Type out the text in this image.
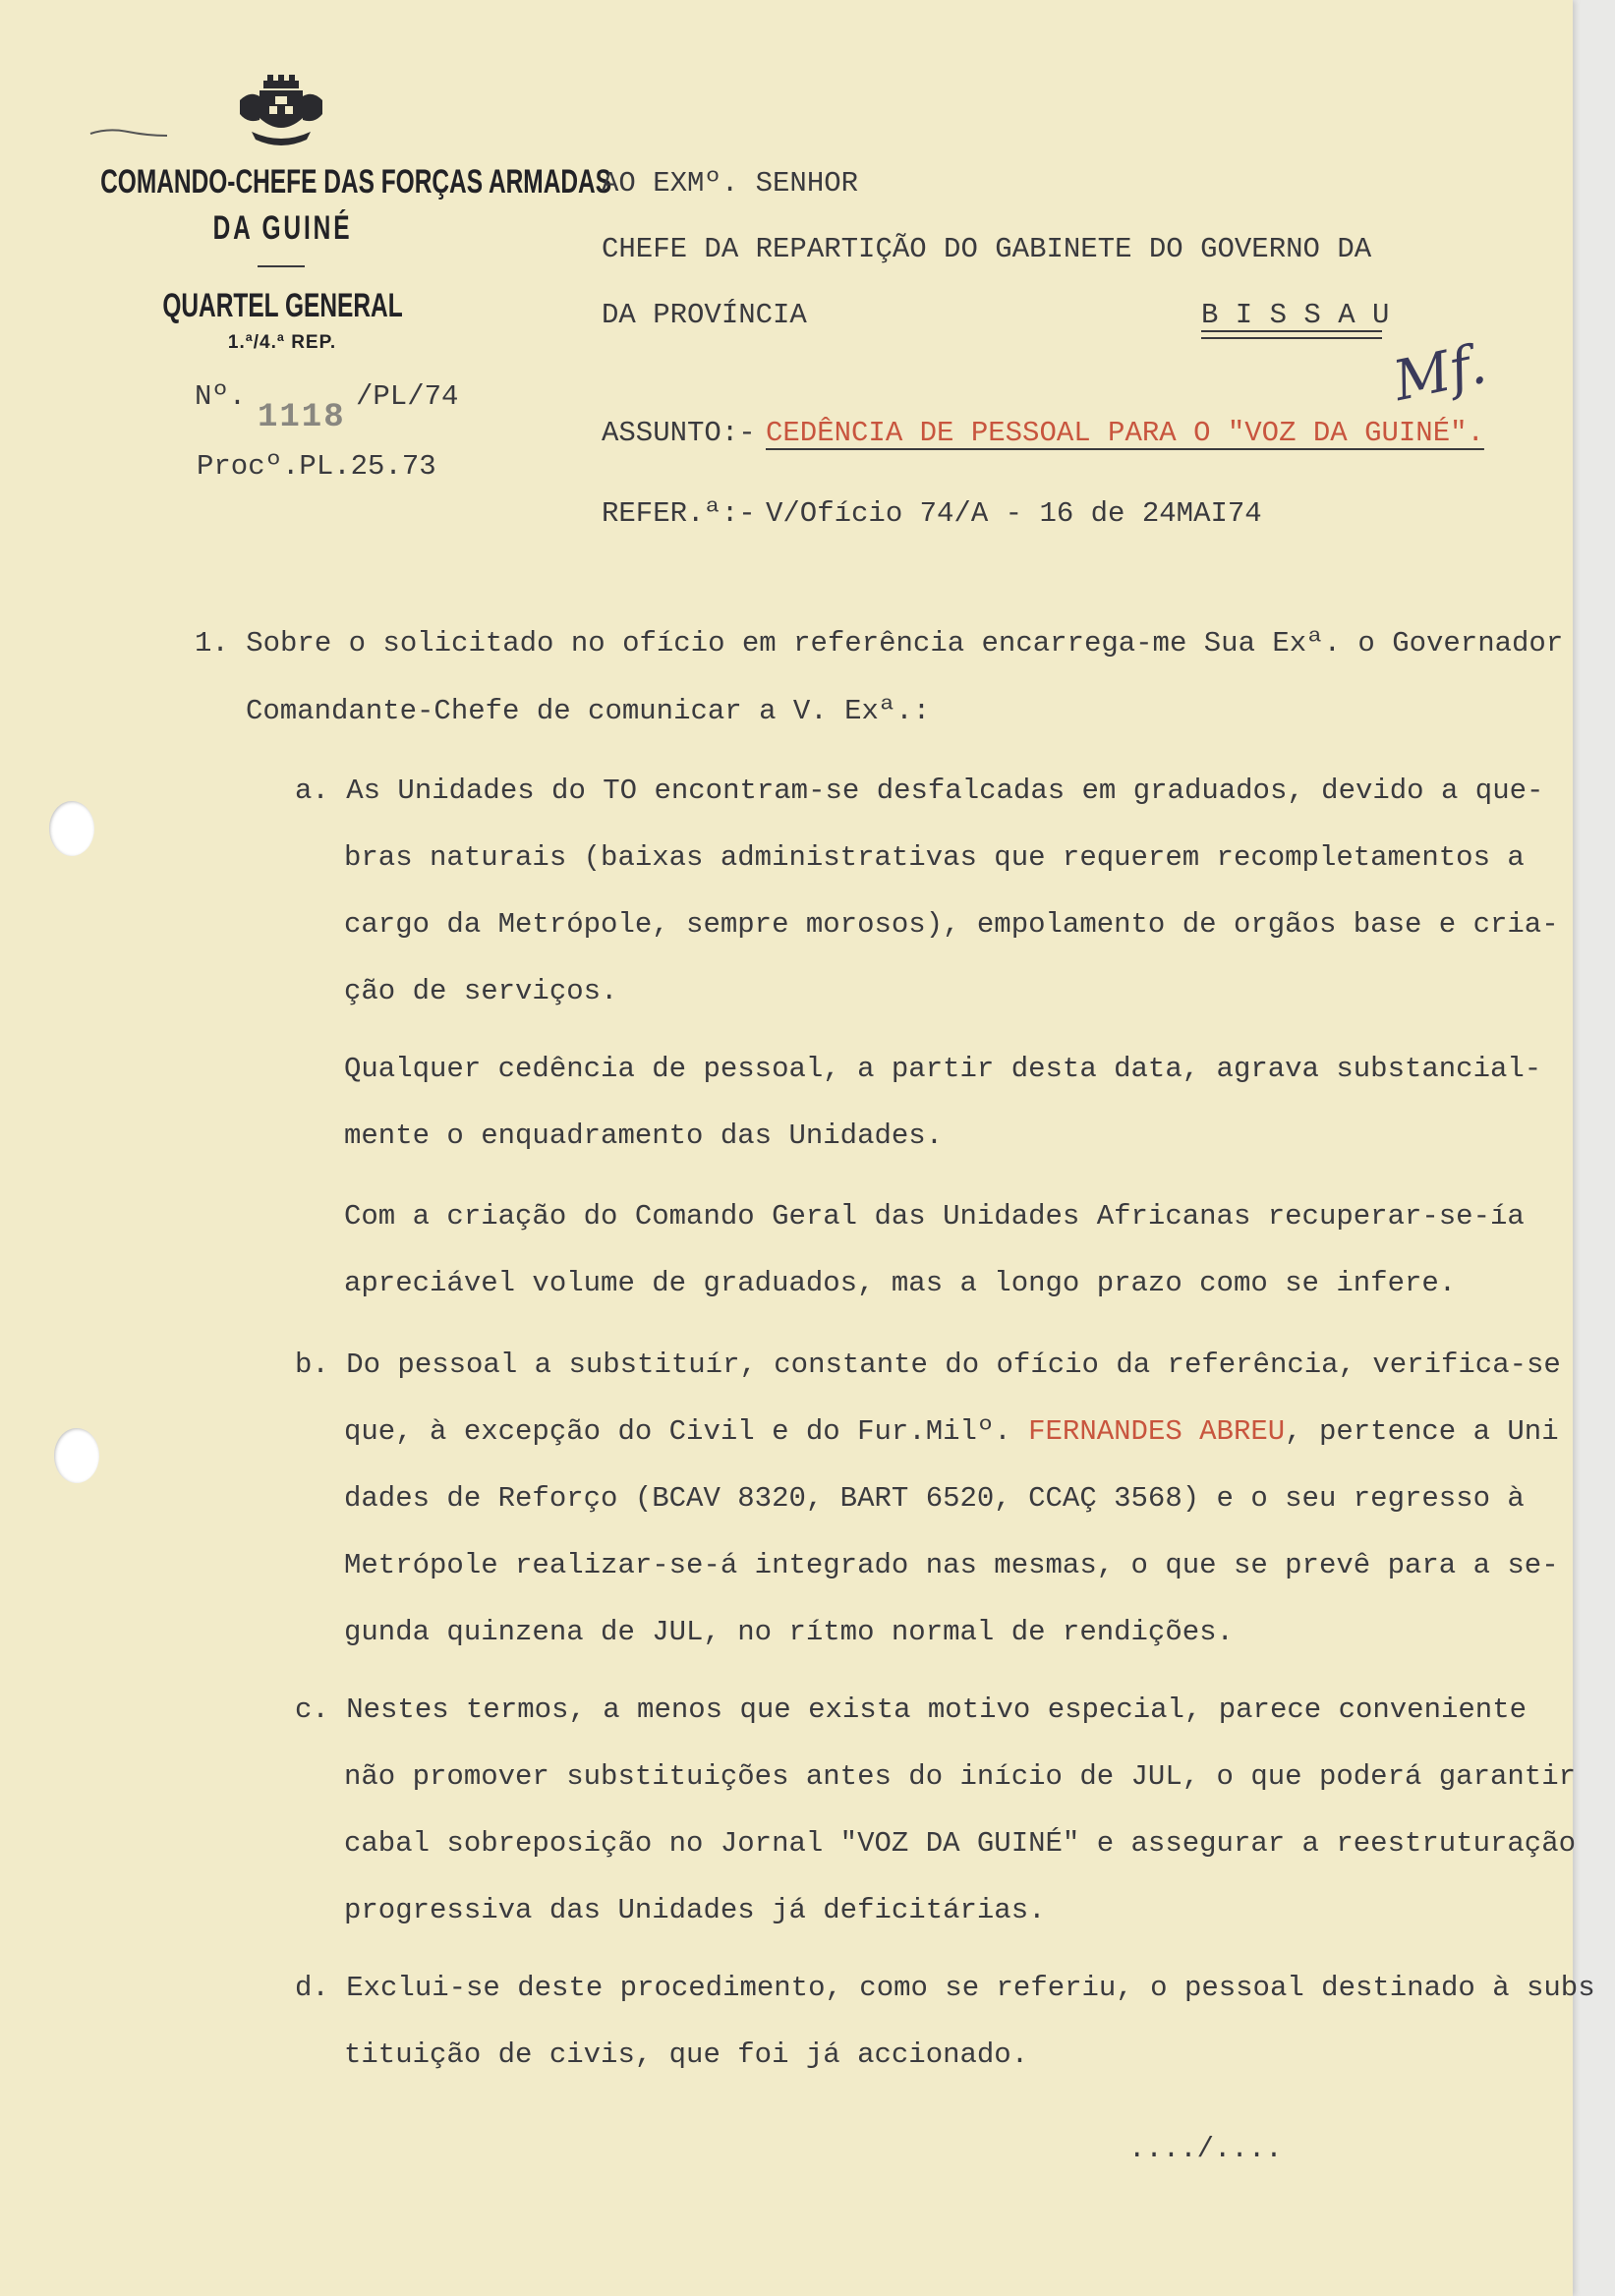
COMANDO-CHEFE DAS FORÇAS ARMADAS
DA GUINÉ
QUARTEL GENERAL
1.ª/4.ª REP.
Nº.
1118
/PL/74
Procº.PL.25.73
AO EXMº. SENHOR
CHEFE DA REPARTIÇÃO DO GABINETE DO GOVERNO DA
DA PROVÍNCIA	B I S S A U
Mf.
ASSUNTO:- CEDÊNCIA DE PESSOAL PARA O "VOZ DA GUINÉ".
REFER.ª:- V/Ofício 74/A - 16 de 24MAI74
1. Sobre o solicitado no ofício em referência encarrega-me Sua Exª. o Governador
Comandante-Chefe de comunicar a V. Exª.:
a. As Unidades do TO encontram-se desfalcadas em graduados, devido a que-
bras naturais (baixas administrativas que requerem recompletamentos a
cargo da Metrópole, sempre morosos), empolamento de orgãos base e cria-
ção de serviços.
Qualquer cedência de pessoal, a partir desta data, agrava substancial-
mente o enquadramento das Unidades.
Com a criação do Comando Geral das Unidades Africanas recuperar-se-ía
apreciável volume de graduados, mas a longo prazo como se infere.
b. Do pessoal a substituír, constante do ofício da referência, verifica-se
que, à excepção do Civil e do Fur.Milº. FERNANDES ABREU, pertence a Uni
dades de Reforço (BCAV 8320, BART 6520, CCAÇ 3568) e o seu regresso à
Metrópole realizar-se-á integrado nas mesmas, o que se prevê para a se-
gunda quinzena de JUL, no rítmo normal de rendições.
c. Nestes termos, a menos que exista motivo especial, parece conveniente
não promover substituições antes do início de JUL, o que poderá garantir
cabal sobreposição no Jornal "VOZ DA GUINÉ" e assegurar a reestruturação
progressiva das Unidades já deficitárias.
d. Exclui-se deste procedimento, como se referiu, o pessoal destinado à subs
tituição de civis, que foi já accionado.
..../....
